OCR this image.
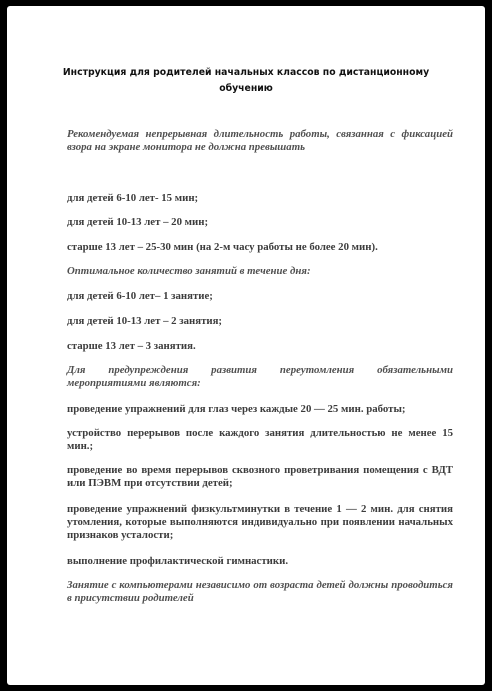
Инструкция для родителей начальных классов по дистанционному
обучению

Рекомендуемая непрерывная длительность работы, связанная с фиксацией взора на экране монитора не должна превышать

для детей 6-10 лет- 15 мин;

для детей 10-13 лет – 20 мин;

старше 13 лет – 25-30 мин (на 2-м часу работы не более 20 мин).

Оптимальное количество занятий в течение дня:

для детей 6-10 лет– 1 занятие;

для детей 10-13 лет – 2 занятия;

старше 13 лет – 3 занятия.

Для предупреждения развития переутомления обязательными мероприятиями являются:

проведение упражнений для глаз через каждые 20 — 25 мин. работы;

устройство перерывов после каждого занятия длительностью не менее 15 мин.;

проведение во время перерывов сквозного проветривания помещения с ВДТ или ПЭВМ при отсутствии детей;

проведение упражнений физкультминутки в течение 1 — 2 мин. для снятия утомления, которые выполняются индивидуально при появлении начальных признаков усталости;

выполнение профилактической гимнастики.

Занятие с компьютерами независимо от возраста детей должны проводиться в присутствии родителей
